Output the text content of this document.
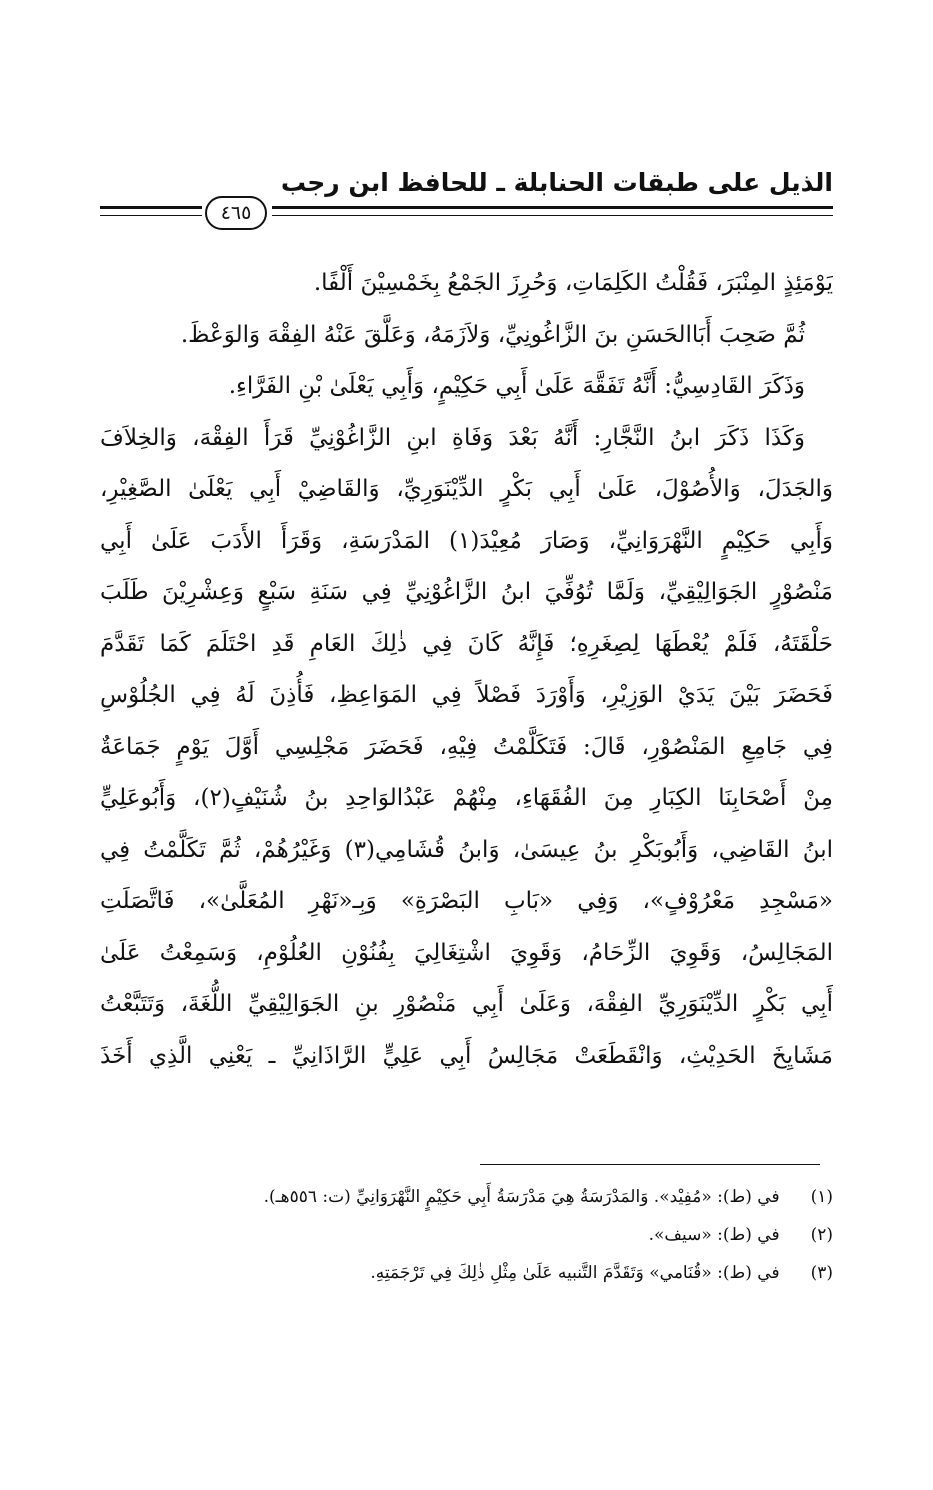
الذيل على طبقات الحنابلة ـ للحافظ ابن رجب
٤٦٥
يَوْمَئِذٍ المِنْبَرَ، فَقُلْتُ الكَلِمَاتِ، وَحُرِزَ الجَمْعُ بِخَمْسِيْنَ أَلْفًا.
ثُمَّ صَحِبَ أَبَاالحَسَنِ بنَ الزَّاغُونِيِّ، وَلاَزَمَهُ، وَعَلَّقَ عَنْهُ الفِقْهَ وَالوَعْظَ.
وَذَكَرَ القَادِسِيُّ: أَنَّهُ تَفَقَّهَ عَلَىٰ أَبِي حَكِيْمٍ، وَأَبِي يَعْلَىٰ بْنِ الفَرَّاءِ.
وَكَذَا ذَكَرَ ابنُ النَّجَّارِ: أَنَّهُ بَعْدَ وَفَاةِ ابنِ الزَّاغُوْنِيِّ قَرَأَ الفِقْهَ، وَالخِلاَفَ
وَالجَدَلَ، وَالأُصُوْلَ، عَلَىٰ أَبِي بَكْرٍ الدِّيْنَوَرِيِّ، وَالقَاضِيْ أَبِي يَعْلَىٰ الصَّغِيْرِ،
وَأَبِي حَكِيْمٍ النَّهْرَوَانِيِّ، وَصَارَ مُعِيْدَ(١) المَدْرَسَةِ، وَقَرَأَ الأَدَبَ عَلَىٰ أَبِي
مَنْصُوْرٍ الجَوَالِيْقِيِّ، وَلَمَّا تُوُفِّيَ ابنُ الزَّاغُوْنِيِّ فِي سَنَةِ سَبْعٍ وَعِشْرِيْنَ طَلَبَ
حَلْقَتَهُ، فَلَمْ يُعْطَهَا لِصِغَرِهِ؛ فَإِنَّهُ كَانَ فِي ذٰلِكَ العَامِ قَدِ احْتَلَمَ كَمَا تَقَدَّمَ
فَحَضَرَ بَيْنَ يَدَيْ الوَزِيْرِ، وَأَوْرَدَ فَصْلاً فِي المَوَاعِظِ، فَأُذِنَ لَهُ فِي الجُلُوْسِ
فِي جَامِعِ المَنْصُوْرِ، قَالَ: فَتَكَلَّمْتُ فِيْهِ، فَحَضَرَ مَجْلِسِي أَوَّلَ يَوْمٍ جَمَاعَةٌ
مِنْ أَصْحَابِنَا الكِبَارِ مِنَ الفُقَهَاءِ، مِنْهُمْ عَبْدُالوَاحِدِ بنُ شُنَيْفٍ(٢)، وَأَبُوعَلِيٍّ
ابنُ القَاضِي، وَأَبُوبَكْرِ بنُ عِيسَىٰ، وَابنُ قُشَامِي(٣) وَغَيْرُهُمْ، ثُمَّ تَكَلَّمْتُ فِي
«مَسْجِدِ مَعْرُوْفٍ»، وَفِي «بَابِ البَصْرَةِ» وَبِـ«نَهْرِ المُعَلَّىٰ»، فَاتَّصَلَتِ
المَجَالِسُ، وَقَوِيَ الزِّحَامُ، وَقَوِيَ اشْتِغَالِيَ بِفُنُوْنِ العُلُوْمِ، وَسَمِعْتُ عَلَىٰ
أَبِي بَكْرٍ الدِّيْنَوَرِيِّ الفِقْهَ، وَعَلَىٰ أَبِي مَنْصُوْرِ بنِ الجَوَالِيْقِيِّ اللُّغَةَ، وَتَتَبَّعْتُ
مَشَايِخَ الحَدِيْثِ، وَانْقَطَعَتْ مَجَالِسُ أَبِي عَلِيٍّ الرَّاذَانِيِّ ـ يَعْنِي الَّذِي أَخَذَ
(١) في (ط): «مُفِيْد». وَالمَدْرَسَةُ هِيَ مَدْرَسَةُ أَبِي حَكِيْمٍ النَّهْرَوَانِيِّ (ت: ٥٥٦هـ).
(٢) في (ط): «سيف».
(٣) في (ط): «قُنَامي» وَتَقَدَّمَ التَّنبيه عَلَىٰ مِثْلِ ذٰلِكَ فِي تَرْجَمَتِهِ.
